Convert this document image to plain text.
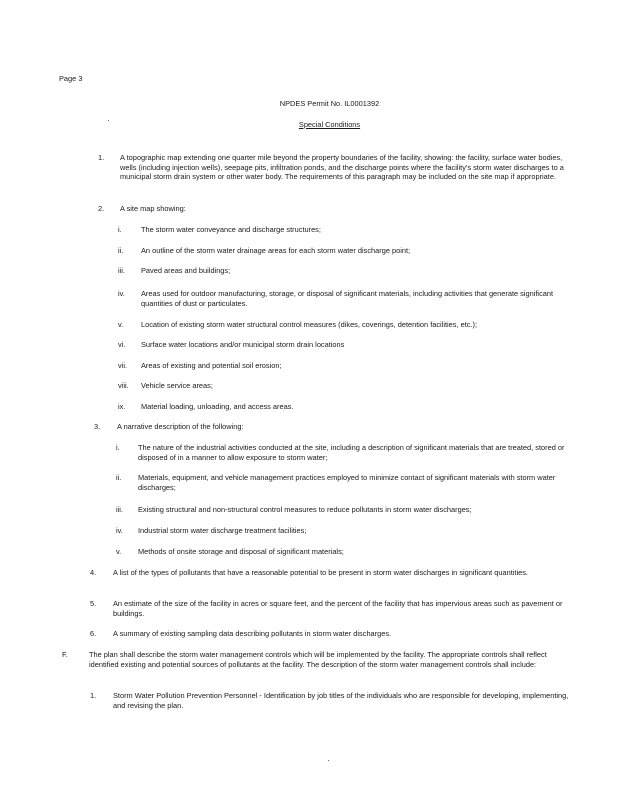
Page 3
NPDES Permit No. IL0001392
Special Conditions
1. A topographic map extending one quarter mile beyond the property boundaries of the facility, showing: the facility, surface water bodies, wells (including injection wells), seepage pits, infiltration ponds, and the discharge points where the facility's storm water discharges to a municipal storm drain system or other water body. The requirements of this paragraph may be included on the site map if appropriate.
2. A site map showing:
i.	The storm water conveyance and discharge structures;
ii. An outline of the storm water drainage areas for each storm water discharge point;
iii. Paved areas and buildings;
iv. Areas used for outdoor manufacturing, storage, or disposal of significant materials, including activities that generate significant quantities of dust or particulates.
v. Location of existing storm water structural control measures (dikes, coverings, detention facilities, etc.);
vi. Surface water locations and/or municipal storm drain locations
vii. Areas of existing and potential soil erosion;
viii. Vehicle service areas;
ix. Material loading, unloading, and access areas.
3. A narrative description of the following:
i. The nature of the industrial activities conducted at the site, including a description of significant materials that are treated, stored or disposed of in a manner to allow exposure to storm water;
ii. Materials, equipment, and vehicle management practices employed to minimize contact of significant materials with storm water discharges;
iii. Existing structural and non-structural control measures to reduce pollutants in storm water discharges;
iv. Industrial storm water discharge treatment facilities;
v. Methods of onsite storage and disposal of significant materials;
4. A list of the types of pollutants that have a reasonable potential to be present in storm water discharges in significant quantities.
5. An estimate of the size of the facility in acres or square feet, and the percent of the facility that has impervious areas such as pavement or buildings.
6. A summary of existing sampling data describing pollutants in storm water discharges.
F.	The plan shall describe the storm water management controls which will be implemented by the facility. The appropriate controls shall reflect identified existing and potential sources of pollutants at the facility. The description of the storm water management controls shall include:
1. Storm Water Pollution Prevention Personnel - Identification by job titles of the individuals who are responsible for developing, implementing, and revising the plan.
